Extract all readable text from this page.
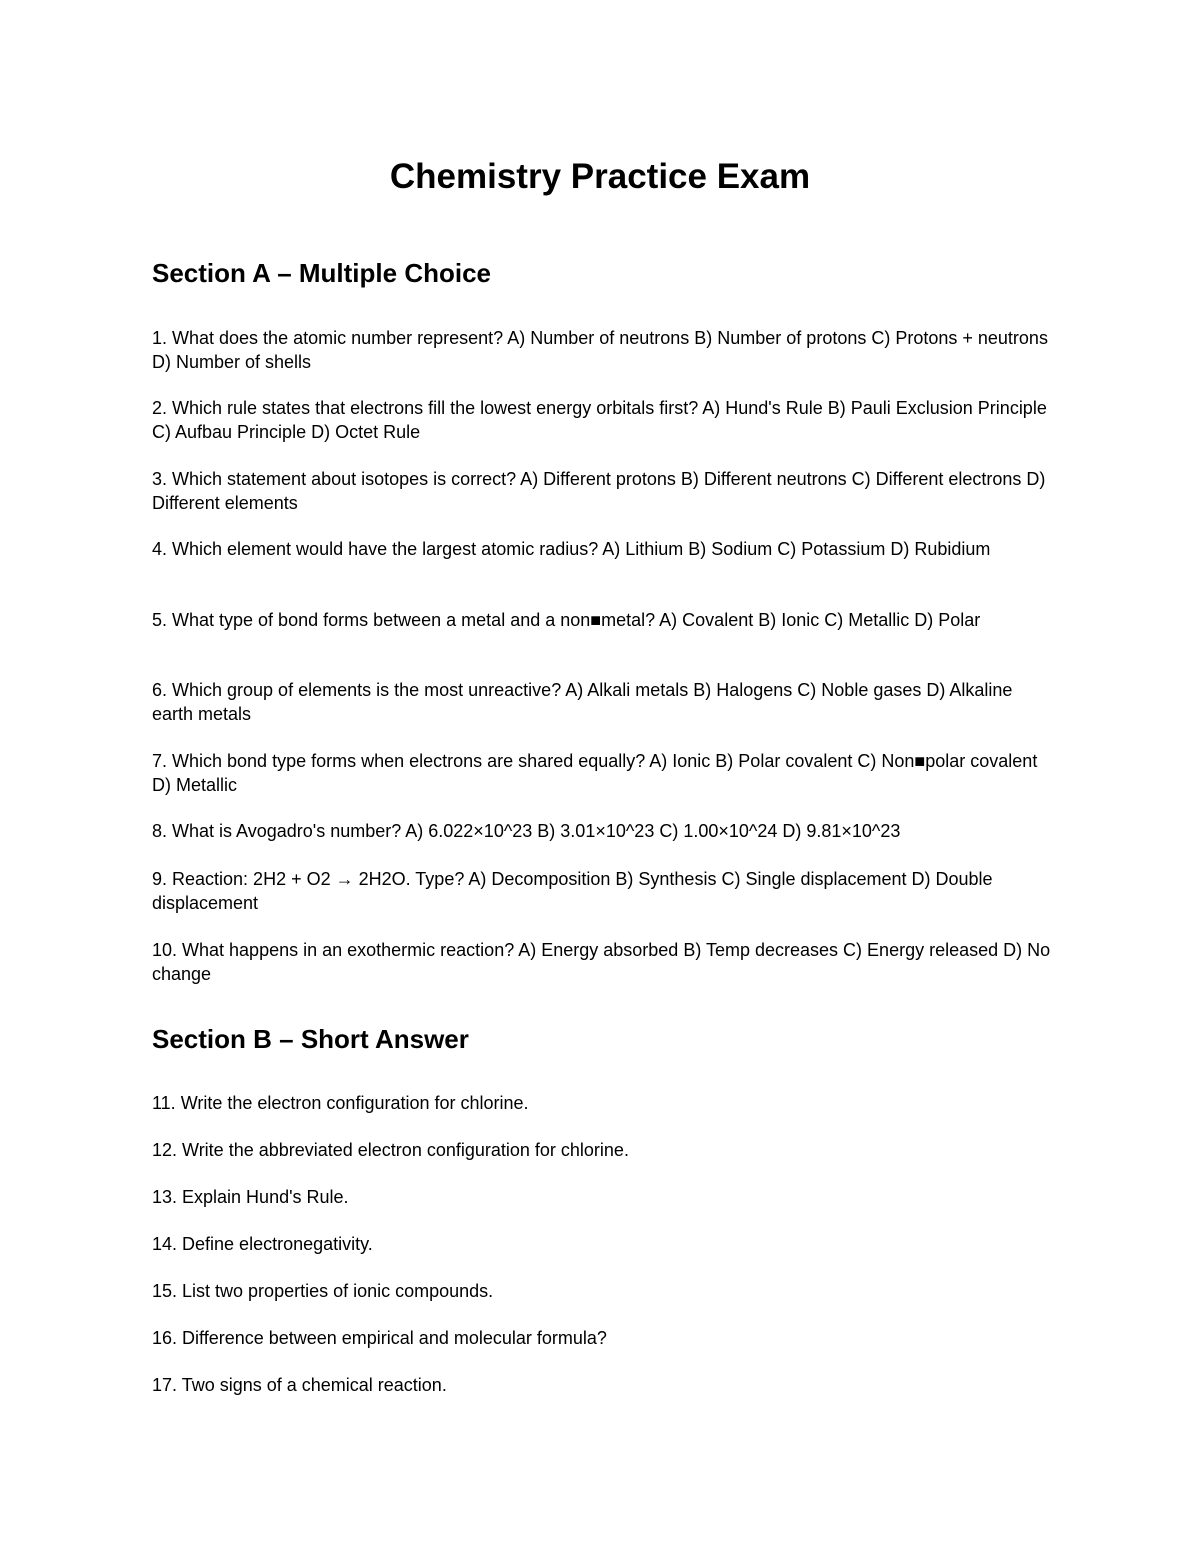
Chemistry Practice Exam
Section A – Multiple Choice

1. What does the atomic number represent? A) Number of neutrons B) Number of protons C) Protons + neutrons D) Number of shells

2. Which rule states that electrons fill the lowest energy orbitals first? A) Hund's Rule B) Pauli Exclusion Principle C) Aufbau Principle D) Octet Rule

3. Which statement about isotopes is correct? A) Different protons B) Different neutrons C) Different electrons D) Different elements

4. Which element would have the largest atomic radius? A) Lithium B) Sodium C) Potassium D) Rubidium

5. What type of bond forms between a metal and a non■metal? A) Covalent B) Ionic C) Metallic D) Polar

6. Which group of elements is the most unreactive? A) Alkali metals B) Halogens C) Noble gases D) Alkaline earth metals

7. Which bond type forms when electrons are shared equally? A) Ionic B) Polar covalent C) Non■polar covalent D) Metallic

8. What is Avogadro's number? A) 6.022×10^23 B) 3.01×10^23 C) 1.00×10^24 D) 9.81×10^23

9. Reaction: 2H2 + O2 → 2H2O. Type? A) Decomposition B) Synthesis C) Single displacement D) Double displacement

10. What happens in an exothermic reaction? A) Energy absorbed B) Temp decreases C) Energy released D) No change

Section B – Short Answer

11. Write the electron configuration for chlorine.

12. Write the abbreviated electron configuration for chlorine.

13. Explain Hund's Rule.

14. Define electronegativity.

15. List two properties of ionic compounds.

16. Difference between empirical and molecular formula?

17. Two signs of a chemical reaction.
